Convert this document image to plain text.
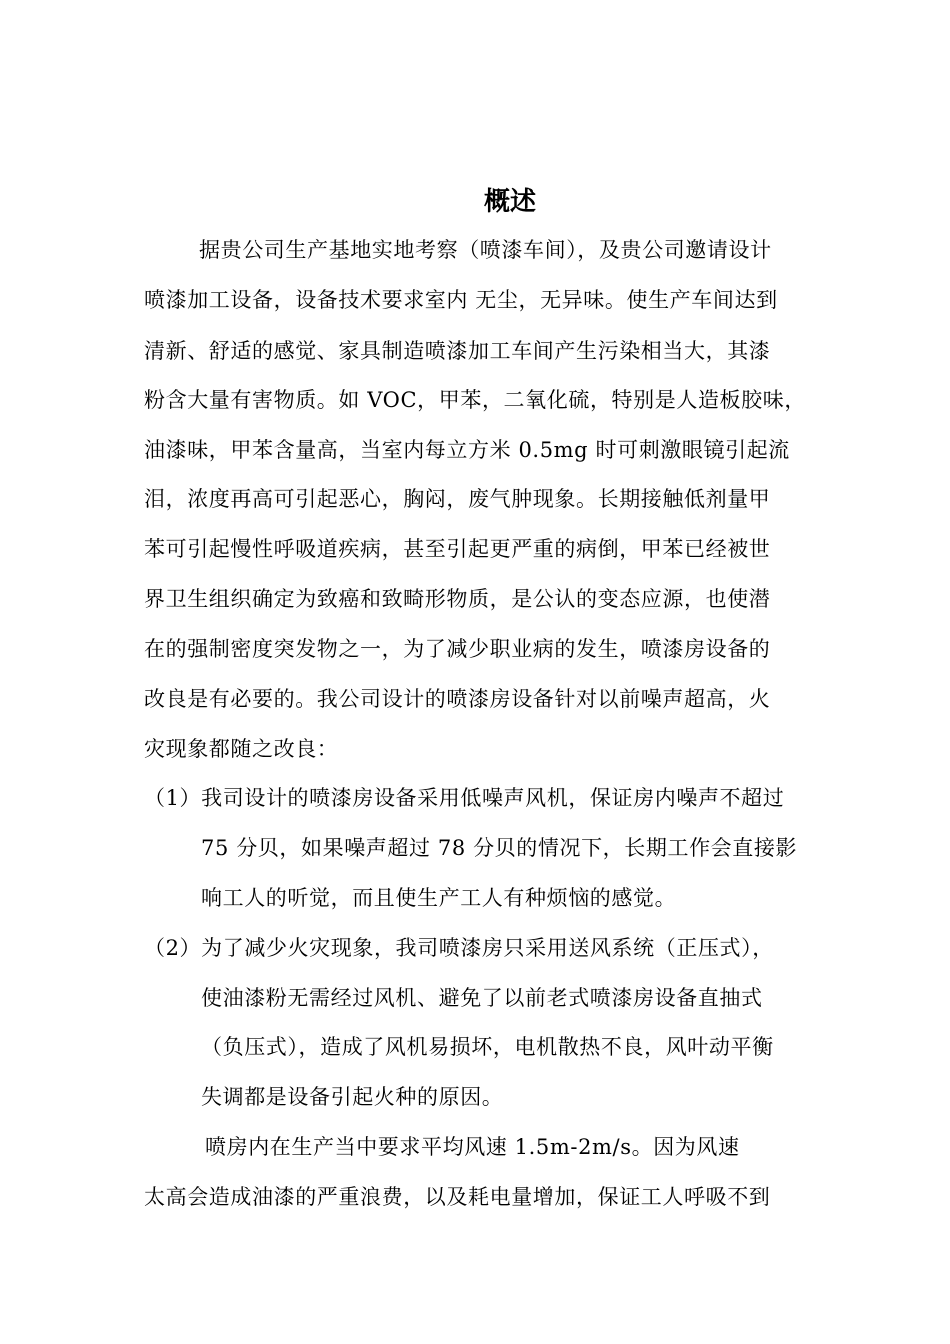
概述
据贵公司生产基地实地考察（喷漆车间），及贵公司邀请设计
喷漆加工设备，设备技术要求室内 无尘，无异味。使生产车间达到
清新、舒适的感觉、家具制造喷漆加工车间产生污染相当大，其漆
粉含大量有害物质。如 VOC，甲苯，二氧化硫，特别是人造板胶味，
油漆味，甲苯含量高，当室内每立方米 0.5mg 时可刺激眼镜引起流
泪，浓度再高可引起恶心，胸闷，废气肿现象。长期接触低剂量甲
苯可引起慢性呼吸道疾病，甚至引起更严重的病倒，甲苯已经被世
界卫生组织确定为致癌和致畸形物质，是公认的变态应源，也使潜
在的强制密度突发物之一，为了减少职业病的发生，喷漆房设备的
改良是有必要的。我公司设计的喷漆房设备针对以前噪声超高，火
灾现象都随之改良：
（1）我司设计的喷漆房设备采用低噪声风机，保证房内噪声不超过
75 分贝，如果噪声超过 78 分贝的情况下，长期工作会直接影
响工人的听觉，而且使生产工人有种烦恼的感觉。
（2）为了减少火灾现象，我司喷漆房只采用送风系统（正压式），
使油漆粉无需经过风机、避免了以前老式喷漆房设备直抽式
（负压式），造成了风机易损坏，电机散热不良，风叶动平衡
失调都是设备引起火种的原因。
喷房内在生产当中要求平均风速 1.5m-2m/s。因为风速
太高会造成油漆的严重浪费，以及耗电量增加，保证工人呼吸不到
